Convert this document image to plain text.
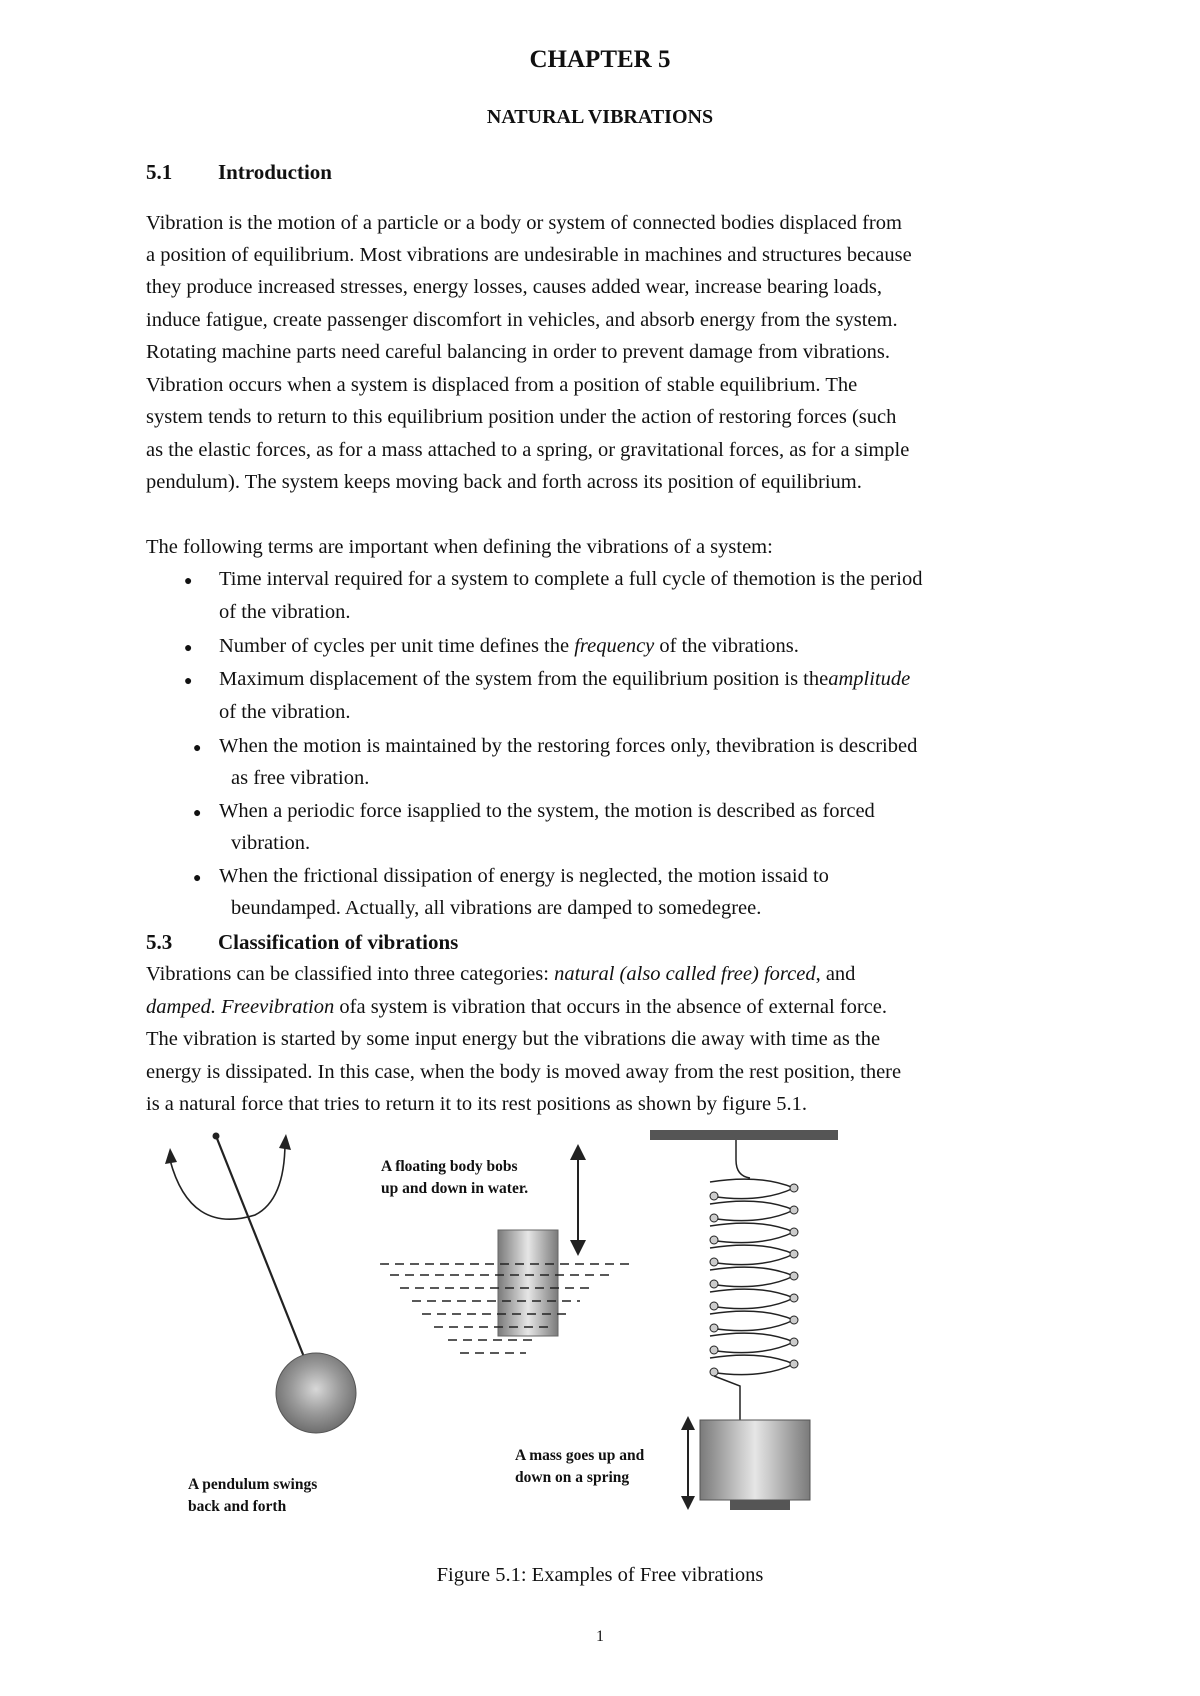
CHAPTER 5
NATURAL VIBRATIONS
5.1 Introduction
Vibration is the motion of a particle or a body or system of connected bodies displaced from
a position of equilibrium. Most vibrations are undesirable in machines and structures because
they produce increased stresses, energy losses, causes added wear, increase bearing loads,
induce fatigue, create passenger discomfort in vehicles, and absorb energy from the system.
Rotating machine parts need careful balancing in order to prevent damage from vibrations.
Vibration occurs when a system is displaced from a position of stable equilibrium. The
system tends to return to this equilibrium position under the action of restoring forces (such
as the elastic forces, as for a mass attached to a spring, or gravitational forces, as for a simple
pendulum). The system keeps moving back and forth across its position of equilibrium.
The following terms are important when defining the vibrations of a system:
● Time interval required for a system to complete a full cycle of themotion is the period
of the vibration.
● Number of cycles per unit time defines the frequency of the vibrations.
● Maximum displacement of the system from the equilibrium position is theamplitude
of the vibration.
● When the motion is maintained by the restoring forces only, thevibration is described
as free vibration.
● When a periodic force isapplied to the system, the motion is described as forced
vibration.
● When the frictional dissipation of energy is neglected, the motion issaid to
beundamped. Actually, all vibrations are damped to somedegree.
5.3 Classification of vibrations
Vibrations can be classified into three categories: natural (also called free) forced, and
damped. Freevibration ofa system is vibration that occurs in the absence of external force.
The vibration is started by some input energy but the vibrations die away with time as the
energy is dissipated. In this case, when the body is moved away from the rest position, there
is a natural force that tries to return it to its rest positions as shown by figure 5.1.
A pendulum swings
back and forth
A floating body bobs
up and down in water.
A mass goes up and
down on a spring
Figure 5.1: Examples of Free vibrations
1
